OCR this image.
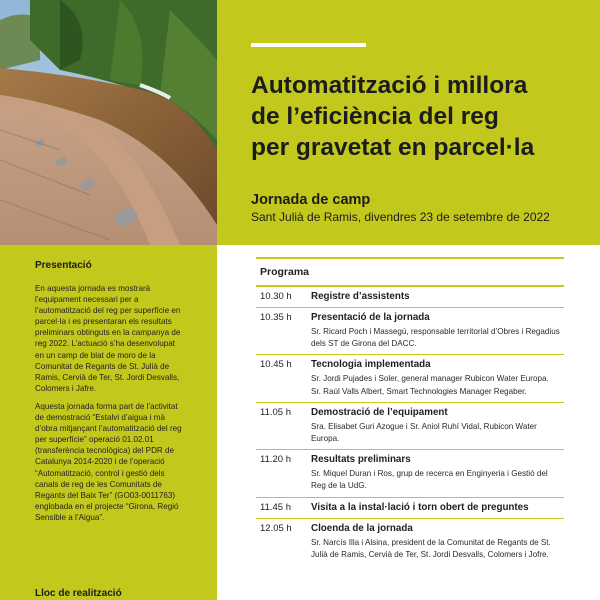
Automatització i millora
de l’eficiència del reg
per gravetat en parcel·la
Jornada de camp
Sant Julià de Ramis, divendres 23 de setembre de 2022
Presentació

En aquesta jornada es mostrarà l’equipament necessari per a l’automatització del reg per superfície en parcel·la i es presentaran els resultats preliminars obtinguts en la campanya de reg 2022. L’actuació s’ha desenvolupat en un camp de blat de moro de la Comunitat de Regants de St. Julià de Ramis, Cervià de Ter, St. Jordi Desvalls, Colomers i Jafre.

Aquesta jornada forma part de l’activitat de demostració “Estalvi d’aigua i mà d’obra mitjançant l’automatització del reg per superfície” operació 01.02.01 (transferència tecnològica) del PDR de Catalunya 2014-2020 i de l’operació “Automatització, control i gestió dels canals de reg de les Comunitats de Regants del Baix Ter” (GO03-0011763) englobada en el projecte “Girona, Regió Sensible a l’Aigua”.

Lloc de realització
Programa
10.30 h	Registre d’assistents
10.35 h	Presentació de la jornada
Sr. Ricard Poch i Massegú, responsable territorial d’Obres i Regadius dels ST de Girona del DACC.
10.45 h	Tecnologia implementada
Sr. Jordi Pujades i Soler, general manager Rubicon Water Europa.
Sr. Raúl Valls Albert, Smart Technologies Manager Regaber.
11.05 h	Demostració de l’equipament
Sra. Elisabet Guri Azogue i Sr. Aniol Ruhí Vidal, Rubicon Water Europa.
11.20 h	Resultats preliminars
Sr. Miquel Duran i Ros, grup de recerca en Enginyeria i Gestió del Reg de la UdG.
11.45 h	Visita a la instal·lació i torn obert de preguntes
12.05 h	Cloenda de la jornada
Sr. Narcís Illa i Alsina, president de la Comunitat de Regants de St. Julià de Ramis, Cervià de Ter, St. Jordi Desvalls, Colomers i Jofre.
